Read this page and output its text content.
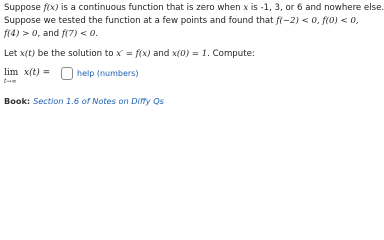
Suppose f(x) is a continuous function that is zero when x is -1, 3, or 6 and nowhere else.
Suppose we tested the function at a few points and found that f(−2) < 0, f(0) < 0,
f(4) > 0, and f(7) < 0.
Let x(t) be the solution to x′ = f(x) and x(0) = 1. Compute:
lim
t→∞
x(t) =	help (numbers)
Book: Section 1.6 of Notes on Diffy Qs
